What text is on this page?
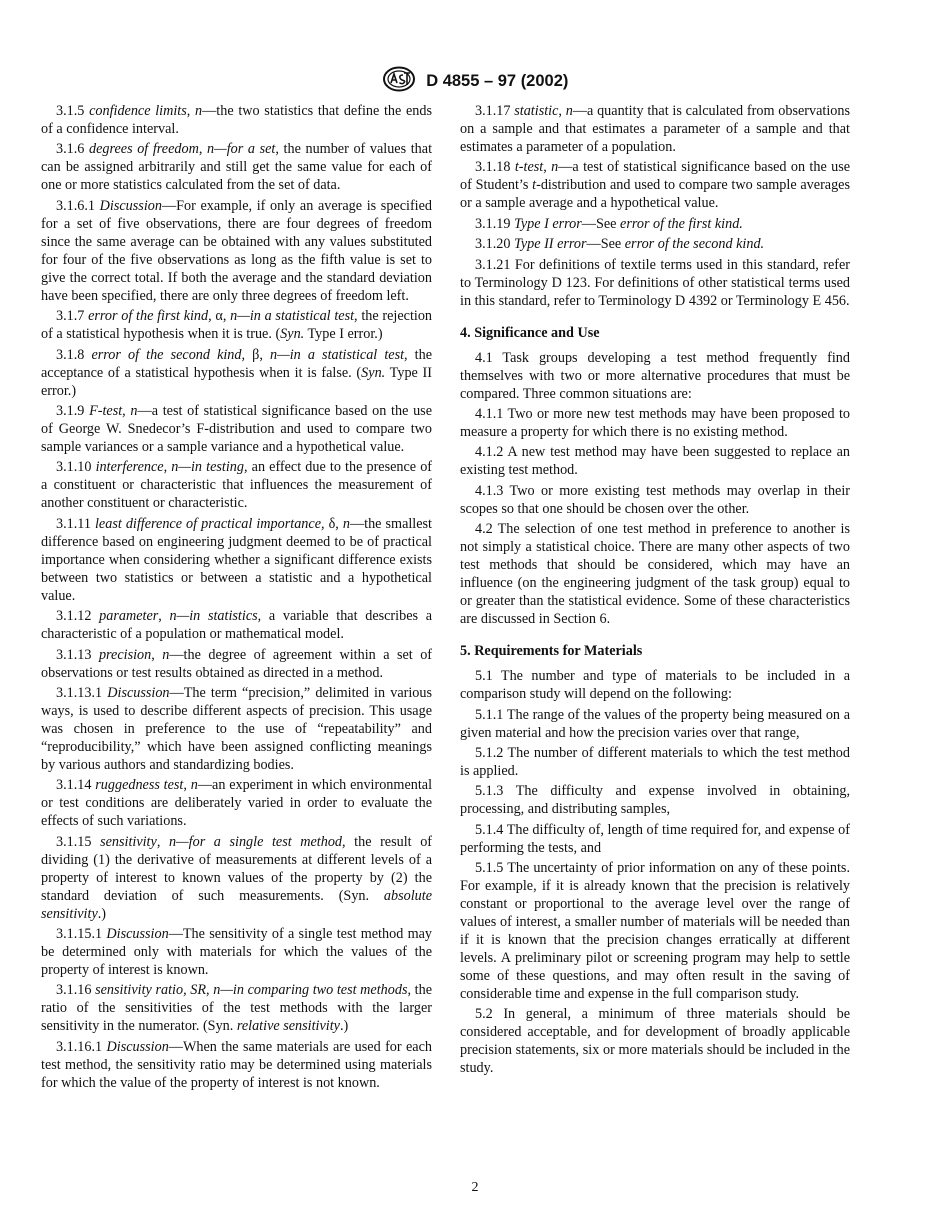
D 4855 – 97 (2002)
3.1.5 confidence limits, n—the two statistics that define the ends of a confidence interval.
3.1.6 degrees of freedom, n—for a set, the number of values that can be assigned arbitrarily and still get the same value for each of one or more statistics calculated from the set of data.
3.1.6.1 Discussion—For example, if only an average is specified for a set of five observations, there are four degrees of freedom since the same average can be obtained with any values substituted for four of the five observations as long as the fifth value is set to give the correct total. If both the average and the standard deviation have been specified, there are only three degrees of freedom left.
3.1.7 error of the first kind, α, n—in a statistical test, the rejection of a statistical hypothesis when it is true. (Syn. Type I error.)
3.1.8 error of the second kind, β, n—in a statistical test, the acceptance of a statistical hypothesis when it is false. (Syn. Type II error.)
3.1.9 F-test, n—a test of statistical significance based on the use of George W. Snedecor’s F-distribution and used to compare two sample variances or a sample variance and a hypothetical value.
3.1.10 interference, n—in testing, an effect due to the presence of a constituent or characteristic that influences the measurement of another constituent or characteristic.
3.1.11 least difference of practical importance, δ, n—the smallest difference based on engineering judgment deemed to be of practical importance when considering whether a significant difference exists between two statistics or between a statistic and a hypothetical value.
3.1.12 parameter, n—in statistics, a variable that describes a characteristic of a population or mathematical model.
3.1.13 precision, n—the degree of agreement within a set of observations or test results obtained as directed in a method.
3.1.13.1 Discussion—The term “precision,” delimited in various ways, is used to describe different aspects of precision. This usage was chosen in preference to the use of “repeatability” and “reproducibility,” which have been assigned conflicting meanings by various authors and standardizing bodies.
3.1.14 ruggedness test, n—an experiment in which environmental or test conditions are deliberately varied in order to evaluate the effects of such variations.
3.1.15 sensitivity, n—for a single test method, the result of dividing (1) the derivative of measurements at different levels of a property of interest to known values of the property by (2) the standard deviation of such measurements. (Syn. absolute sensitivity.)
3.1.15.1 Discussion—The sensitivity of a single test method may be determined only with materials for which the values of the property of interest is known.
3.1.16 sensitivity ratio, SR, n—in comparing two test methods, the ratio of the sensitivities of the test methods with the larger sensitivity in the numerator. (Syn. relative sensitivity.)
3.1.16.1 Discussion—When the same materials are used for each test method, the sensitivity ratio may be determined using materials for which the value of the property of interest is not known.
3.1.17 statistic, n—a quantity that is calculated from observations on a sample and that estimates a parameter of a sample and that estimates a parameter of a population.
3.1.18 t-test, n—a test of statistical significance based on the use of Student’s t-distribution and used to compare two sample averages or a sample average and a hypothetical value.
3.1.19 Type I error—See error of the first kind.
3.1.20 Type II error—See error of the second kind.
3.1.21 For definitions of textile terms used in this standard, refer to Terminology D 123. For definitions of other statistical terms used in this standard, refer to Terminology D 4392 or Terminology E 456.
4. Significance and Use
4.1 Task groups developing a test method frequently find themselves with two or more alternative procedures that must be compared. Three common situations are:
4.1.1 Two or more new test methods may have been proposed to measure a property for which there is no existing method.
4.1.2 A new test method may have been suggested to replace an existing test method.
4.1.3 Two or more existing test methods may overlap in their scopes so that one should be chosen over the other.
4.2 The selection of one test method in preference to another is not simply a statistical choice. There are many other aspects of two test methods that should be considered, which may have an influence (on the engineering judgment of the task group) equal to or greater than the statistical evidence. Some of these characteristics are discussed in Section 6.
5. Requirements for Materials
5.1 The number and type of materials to be included in a comparison study will depend on the following:
5.1.1 The range of the values of the property being measured on a given material and how the precision varies over that range,
5.1.2 The number of different materials to which the test method is applied.
5.1.3 The difficulty and expense involved in obtaining, processing, and distributing samples,
5.1.4 The difficulty of, length of time required for, and expense of performing the tests, and
5.1.5 The uncertainty of prior information on any of these points. For example, if it is already known that the precision is relatively constant or proportional to the average level over the range of values of interest, a smaller number of materials will be needed than if it is known that the precision changes erratically at different levels. A preliminary pilot or screening program may help to settle some of these questions, and may often result in the saving of considerable time and expense in the full comparison study.
5.2 In general, a minimum of three materials should be considered acceptable, and for development of broadly applicable precision statements, six or more materials should be included in the study.
2
